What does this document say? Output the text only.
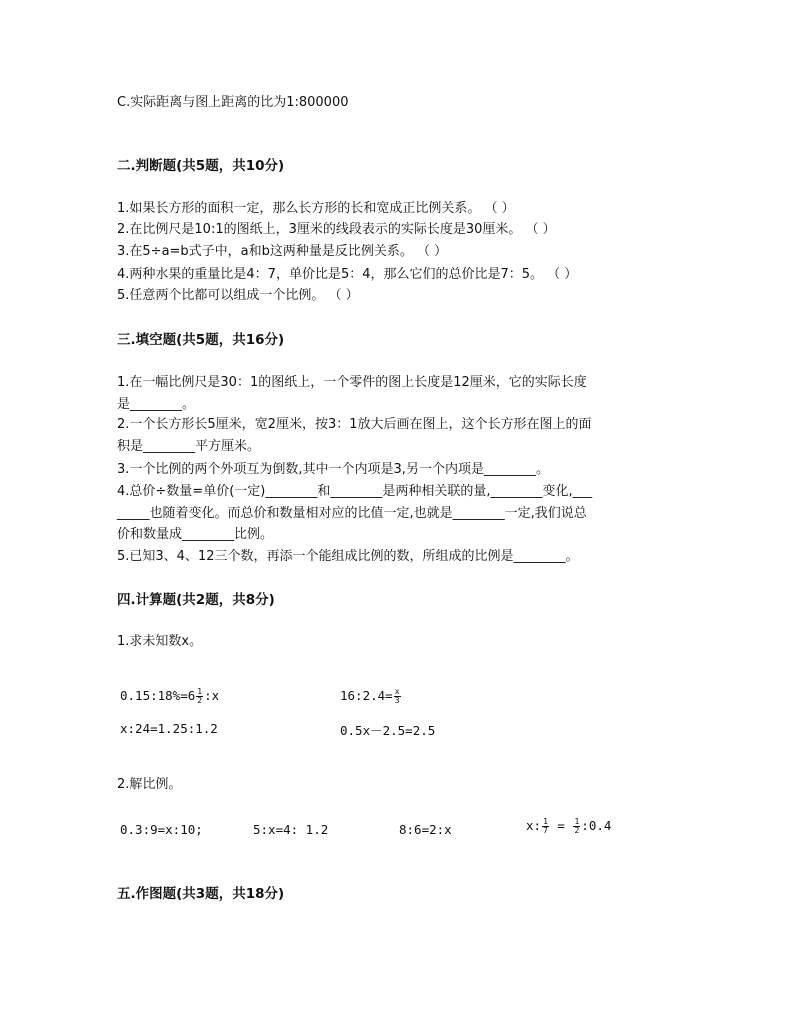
C.实际距离与图上距离的比为1:800000
二.判断题(共5题，共10分)
1.如果长方形的面积一定，那么长方形的长和宽成正比例关系。 （ ）
2.在比例尺是10:1的图纸上，3厘米的线段表示的实际长度是30厘米。 （ ）
3.在5÷a=b式子中，a和b这两种量是反比例关系。 （ ）
4.两种水果的重量比是4：7，单价比是5：4，那么它们的总价比是7：5。 （ ）
5.任意两个比都可以组成一个比例。 （ ）
三.填空题(共5题，共16分)
1.在一幅比例尺是30：1的图纸上，一个零件的图上长度是12厘米，它的实际长度
是________。
2.一个长方形长5厘米，宽2厘米，按3：1放大后画在图上，这个长方形在图上的面
积是________平方厘米。
3.一个比例的两个外项互为倒数,其中一个内项是3,另一个内项是________。
4.总价÷数量=单价(一定)________和________是两种相关联的量,________变化,___
_____也随着变化。而总价和数量相对应的比值一定,也就是________一定,我们说总
价和数量成________比例。
5.已知3、4、12三个数，再添一个能组成比例的数，所组成的比例是________。
四.计算题(共2题，共8分)
1.求未知数x。
0.15:18%=6 $\frac{1}{2}$ :x	16:2.4= $\frac{x}{3}$
x:24=1.25:1.2	0.5x－2.5=2.5
2.解比例。
0.3:9=x:10;	5:x=4: 1.2	8:6=2:x	x: $\frac{1}{7} = \frac{1}{2}$ :0.4
五.作图题(共3题，共18分)
